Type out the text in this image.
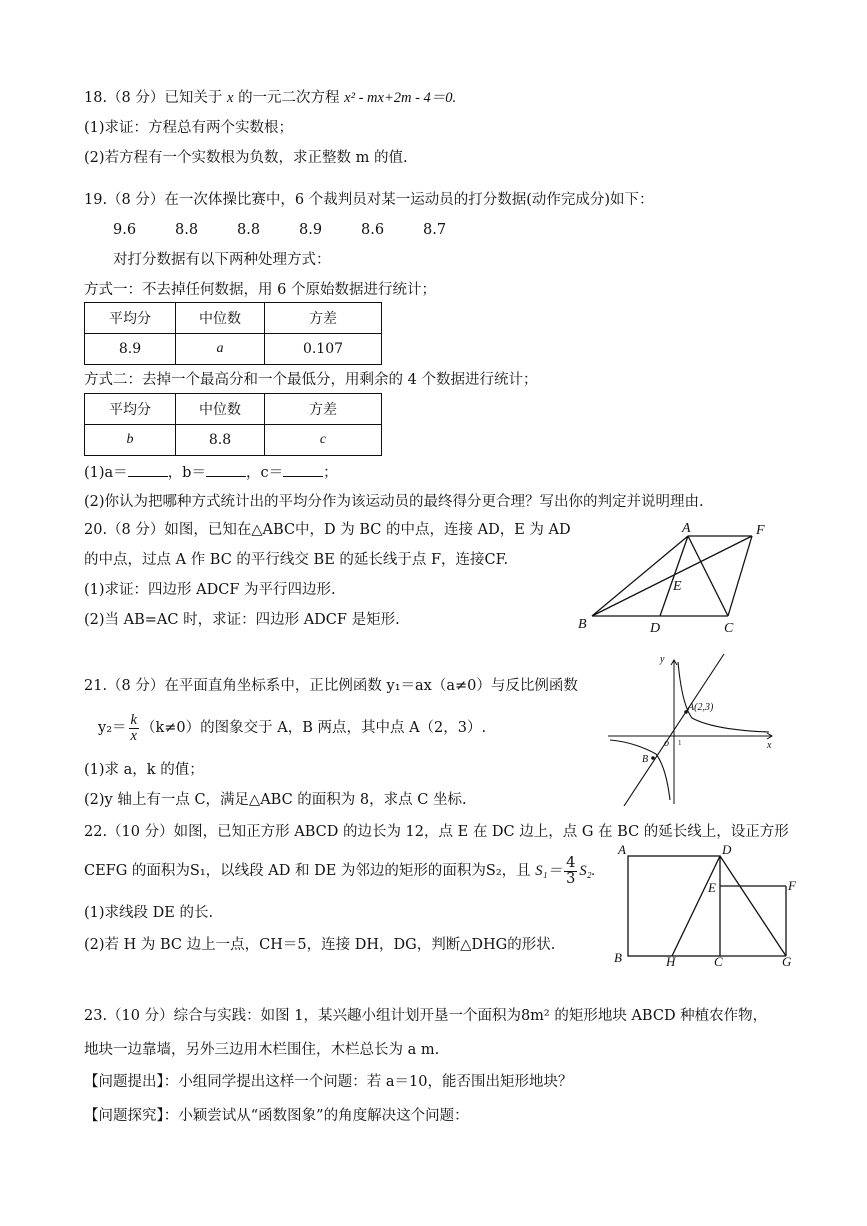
18.（8 分）已知关于 x 的一元二次方程 x² - mx+2m - 4＝0.
(1)求证：方程总有两个实数根；
(2)若方程有一个实数根为负数，求正整数 m 的值.
19.（8 分）在一次体操比赛中，6 个裁判员对某一运动员的打分数据(动作完成分)如下：
9.6	8.8	8.8	8.9	8.6	8.7
对打分数据有以下两种处理方式：
方式一：不去掉任何数据，用 6 个原始数据进行统计；
平均分	中位数	方差
8.9	a	0.107
方式二：去掉一个最高分和一个最低分，用剩余的 4 个数据进行统计；
平均分	中位数	方差
b	8.8	c
(1)a＝	，b＝	，c＝	；
(2)你认为把哪种方式统计出的平均分作为该运动员的最终得分更合理？写出你的判定并说明理由.
20.（8 分）如图，已知在△ABC中，D 为 BC 的中点，连接 AD，E 为 AD
的中点，过点 A 作 BC 的平行线交 BE 的延长线于点 F，连接CF.
(1)求证：四边形 ADCF 为平行四边形.
(2)当 AB=AC 时，求证：四边形 ADCF 是矩形.
A	F
E
B	D	C
21.（8 分）在平面直角坐标系中，正比例函数 y₁＝ax（a≠0）与反比例函数
$y_2= \frac{k}{x} (k\ne 0)$的图象交于 A，B 两点，其中点 A（2，3）.
(1)求 a，k 的值；
(2)y 轴上有一点 C，满足△ABC 的面积为 8，求点 C 坐标.
y
x
o 1
A(2,3)
B
22.（10 分）如图，已知正方形 ABCD 的边长为 12，点 E 在 DC 边上，点 G 在 BC 的延长线上，设正方形
CEFG 的面积为S₁，以线段 AD 和 DE 为邻边的矩形的面积为S₂，且 $S_1= \frac{4}{3} S_2$.
(1)求线段 DE 的长.
(2)若 H 为 BC 边上一点，CH＝5，连接 DH，DG，判断△DHG的形状.
A	D
E	F
B	H	C	G
23.（10 分）综合与实践：如图 1，某兴趣小组计划开垦一个面积为8m² 的矩形地块 ABCD 种植农作物，
地块一边靠墙，另外三边用木栏围住，木栏总长为 a m.
【问题提出】：小组同学提出这样一个问题：若 a＝10，能否围出矩形地块？
【问题探究】：小颖尝试从“函数图象”的角度解决这个问题：
